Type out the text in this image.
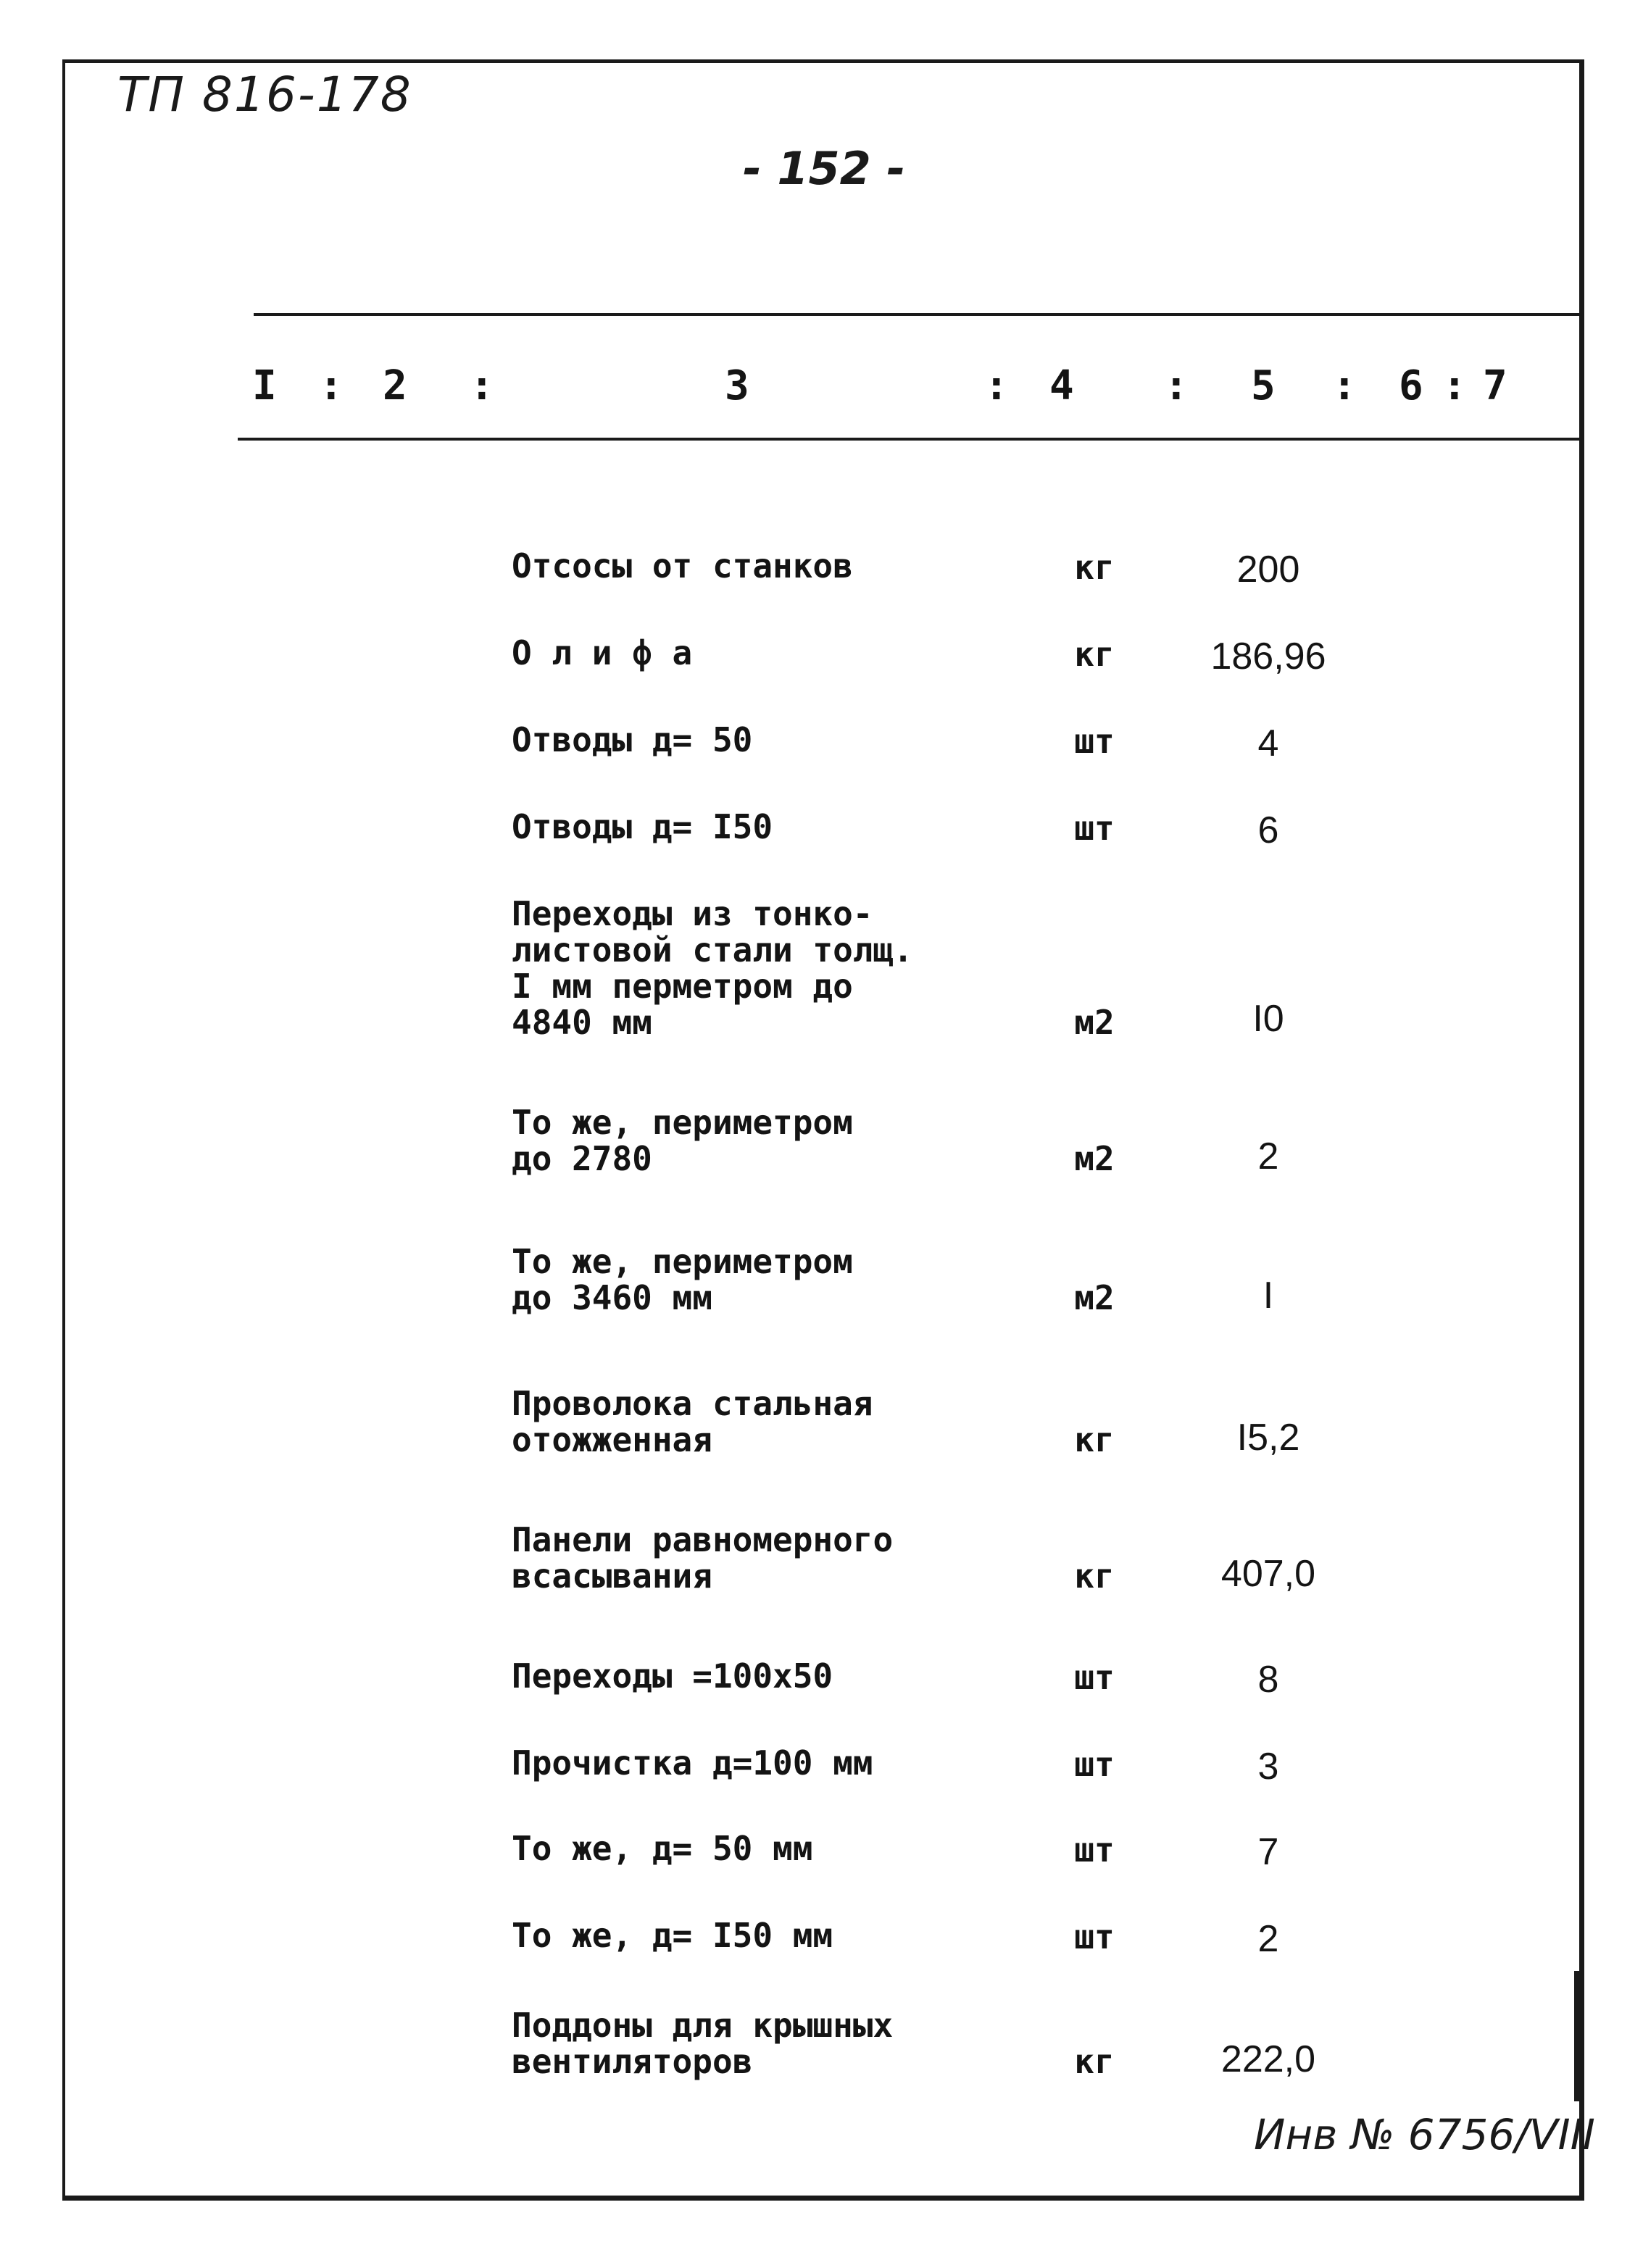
ТП 816-178
- 152 -
I : 2 :	3	: 4 : 5 : 6 : 7
Отсосы от станков	кг	200
О л и ф а	кг	186,96
Отводы д= 50	шт	4
Отводы д= I50	шт	6
Переходы из тонко-
листовой стали толщ.
I мм перметром до
4840 мм	м2	I0
То же, периметром
до 2780	м2	2
То же, периметром
до 3460 мм	м2	I
Проволока стальная
отожженная	кг	I5,2
Панели равномерного
всасывания	кг	407,0
Переходы =100x50	шт	8
Прочистка д=100 мм	шт	3
То же, д= 50 мм	шт	7
То же, д= I50 мм	шт	2
Поддоны для крышных
вентиляторов	кг	222,0
Инв № 6756/VIII
